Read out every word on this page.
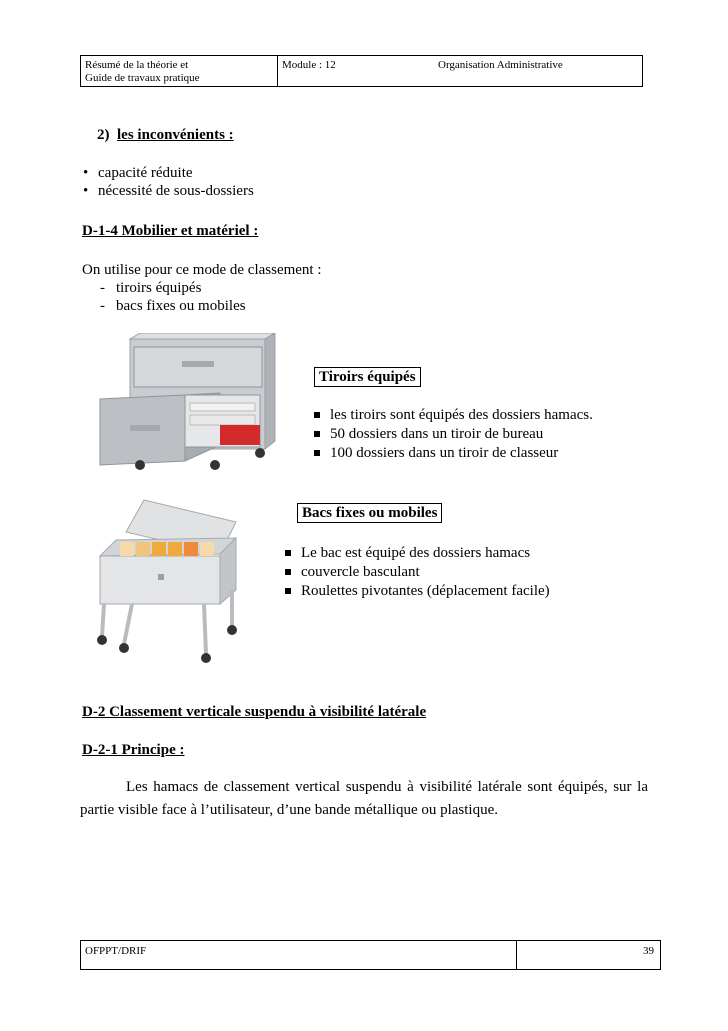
Résumé de la théorie et
Guide de travaux pratique
Module : 12	Organisation Administrative
2) les inconvénients :
• capacité réduite
• nécessité de sous-dossiers
D-1-4 Mobilier et matériel :
On utilise pour ce mode de classement :
- tiroirs équipés
- bacs fixes ou mobiles
Tiroirs équipés
les tiroirs sont équipés des dossiers hamacs.
50 dossiers dans un tiroir de bureau
100 dossiers dans un tiroir de classeur
Bacs fixes ou mobiles
Le bac est équipé des dossiers hamacs
couvercle basculant
Roulettes pivotantes (déplacement facile)
D-2 Classement verticale suspendu à visibilité latérale
D-2-1 Principe :
Les hamacs de classement vertical suspendu à visibilité latérale sont équipés, sur la partie visible face à l’utilisateur, d’une bande métallique ou plastique.
OFPPT/DRIF	39
